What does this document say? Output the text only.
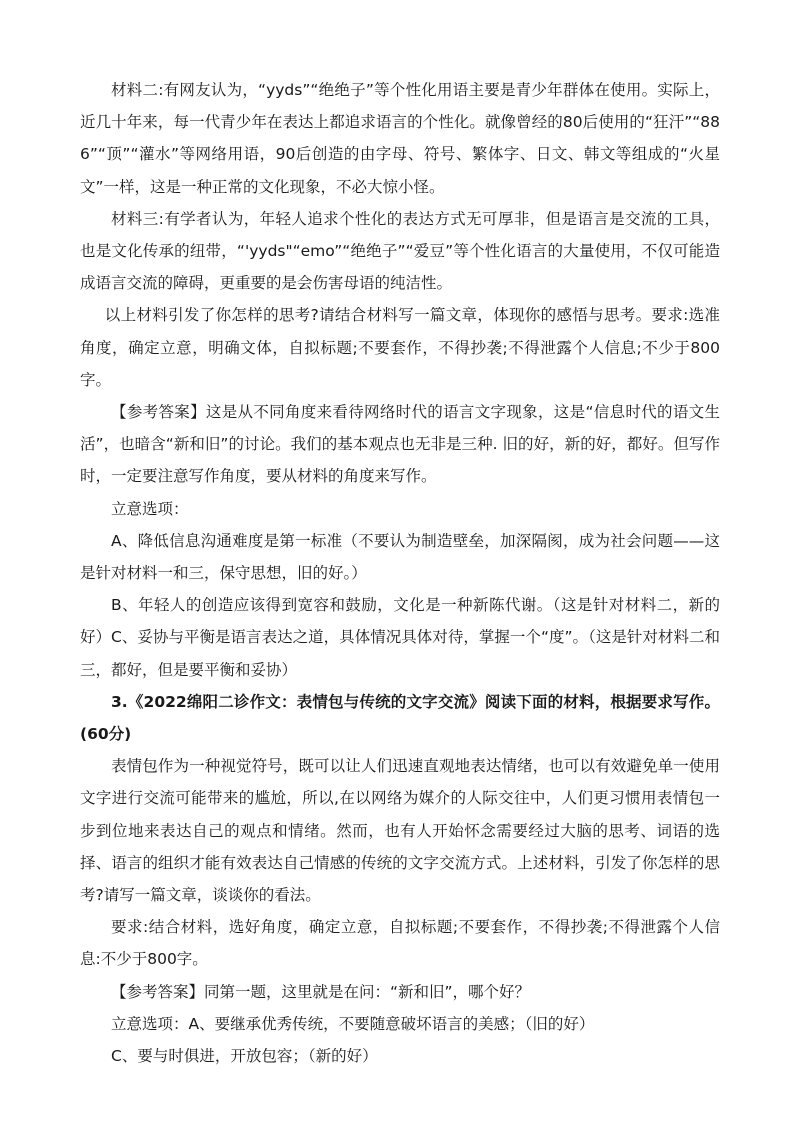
材料二:有网友认为，“yyds”“绝绝子”等个性化用语主要是青少年群体在使用。实际上，近几十年来，每一代青少年在表达上都追求语言的个性化。就像曾经的80后使用的“狂汗”“886”“顶”“灌水”等网络用语，90后创造的由字母、符号、繁体字、日文、韩文等组成的“火星文”一样，这是一种正常的文化现象，不必大惊小怪。

材料三:有学者认为，年轻人追求个性化的表达方式无可厚非，但是语言是交流的工具，也是文化传承的纽带，“'yyds"“emo”“绝绝子”“爱豆”等个性化语言的大量使用，不仅可能造成语言交流的障碍，更重要的是会伤害母语的纯洁性。

以上材料引发了你怎样的思考?请结合材料写一篇文章，体现你的感悟与思考。要求:选准角度，确定立意，明确文体，自拟标题;不要套作，不得抄袭;不得泄露个人信息;不少于800字。

【参考答案】这是从不同角度来看待网络时代的语言文字现象，这是“信息时代的语文生活”，也暗含“新和旧”的讨论。我们的基本观点也无非是三种. 旧的好，新的好，都好。但写作时，一定要注意写作角度，要从材料的角度来写作。

立意选项：

A、降低信息沟通难度是第一标准（不要认为制造壁垒，加深隔阂，成为社会问题——这是针对材料一和三，保守思想，旧的好。）

B、年轻人的创造应该得到宽容和鼓励，文化是一种新陈代谢。（这是针对材料二，新的好）C、妥协与平衡是语言表达之道，具体情况具体对待，掌握一个“度”。（这是针对材料二和三，都好，但是要平衡和妥协）

3.《2022绵阳二诊作文：表情包与传统的文字交流》阅读下面的材料，根据要求写作。(60分)

表情包作为一种视觉符号，既可以让人们迅速直观地表达情绪，也可以有效避免单一使用文字进行交流可能带来的尴尬，所以,在以网络为媒介的人际交往中，人们更习惯用表情包一步到位地来表达自己的观点和情绪。然而，也有人开始怀念需要经过大脑的思考、词语的选择、语言的组织才能有效表达自己情感的传统的文字交流方式。上述材料，引发了你怎样的思考?请写一篇文章，谈谈你的看法。

要求:结合材料，选好角度，确定立意，自拟标题;不要套作，不得抄袭;不得泄露个人信息:不少于800字。

【参考答案】同第一题，这里就是在问：“新和旧”，哪个好？

立意选项：A、要继承优秀传统，不要随意破坏语言的美感；（旧的好）

C、要与时俱进，开放包容；（新的好）
